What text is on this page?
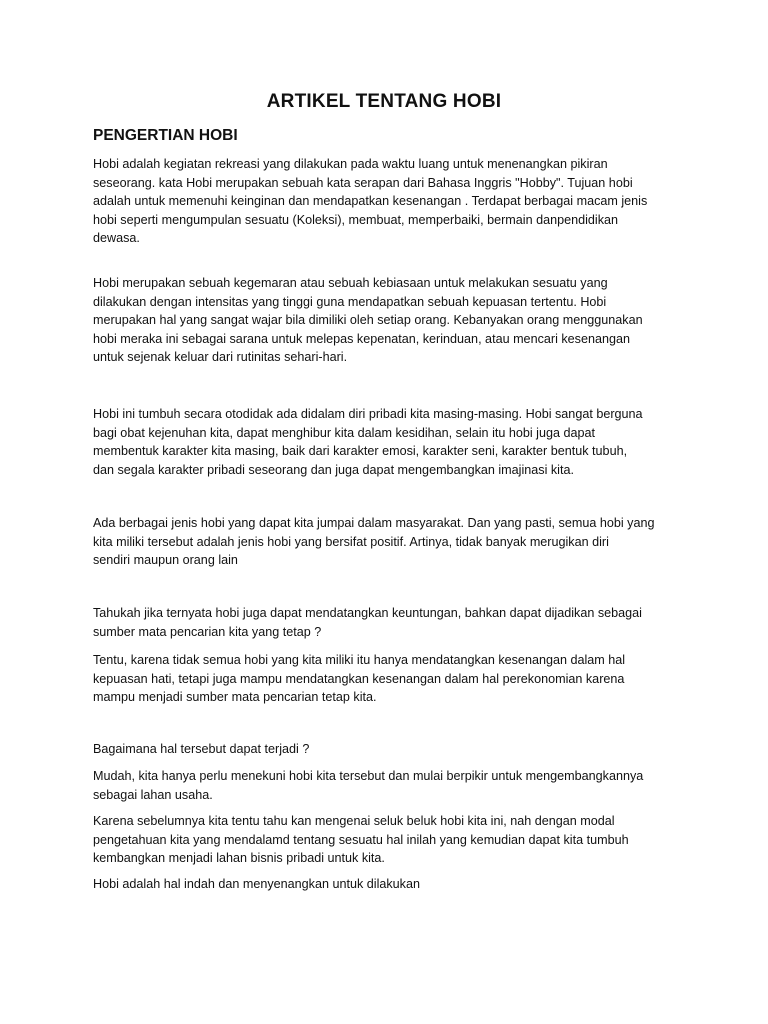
ARTIKEL TENTANG HOBI
PENGERTIAN HOBI

Hobi adalah kegiatan rekreasi yang dilakukan pada waktu luang untuk menenangkan pikiran
seseorang. kata Hobi merupakan sebuah kata serapan dari Bahasa Inggris "Hobby". Tujuan hobi
adalah untuk memenuhi keinginan dan mendapatkan kesenangan . Terdapat berbagai macam jenis
hobi seperti mengumpulan sesuatu (Koleksi), membuat, memperbaiki, bermain danpendidikan
dewasa.

Hobi merupakan sebuah kegemaran atau sebuah kebiasaan untuk melakukan sesuatu yang
dilakukan dengan intensitas yang tinggi guna mendapatkan sebuah kepuasan tertentu. Hobi
merupakan hal yang sangat wajar bila dimiliki oleh setiap orang. Kebanyakan orang menggunakan
hobi meraka ini sebagai sarana untuk melepas kepenatan, kerinduan, atau mencari kesenangan
untuk sejenak keluar dari rutinitas sehari-hari.

Hobi ini tumbuh secara otodidak ada didalam diri pribadi kita masing-masing. Hobi sangat berguna
bagi obat kejenuhan kita, dapat menghibur kita dalam kesidihan, selain itu hobi juga dapat
membentuk karakter kita masing, baik dari karakter emosi, karakter seni, karakter bentuk tubuh,
dan segala karakter pribadi seseorang dan juga dapat mengembangkan imajinasi kita.

Ada berbagai jenis hobi yang dapat kita jumpai dalam masyarakat. Dan yang pasti, semua hobi yang
kita miliki tersebut adalah jenis hobi yang bersifat positif. Artinya, tidak banyak merugikan diri
sendiri maupun orang lain

Tahukah jika ternyata hobi juga dapat mendatangkan keuntungan, bahkan dapat dijadikan sebagai
sumber mata pencarian kita yang tetap ?

Tentu, karena tidak semua hobi yang kita miliki itu hanya mendatangkan kesenangan dalam hal
kepuasan hati, tetapi juga mampu mendatangkan kesenangan dalam hal perekonomian karena
mampu menjadi sumber mata pencarian tetap kita.

Bagaimana hal tersebut dapat terjadi ?

Mudah, kita hanya perlu menekuni hobi kita tersebut dan mulai berpikir untuk mengembangkannya
sebagai lahan usaha.

Karena sebelumnya kita tentu tahu kan mengenai seluk beluk hobi kita ini, nah dengan modal
pengetahuan kita yang mendalamd tentang sesuatu hal inilah yang kemudian dapat kita tumbuh
kembangkan menjadi lahan bisnis pribadi untuk kita.

Hobi adalah hal indah dan menyenangkan untuk dilakukan
